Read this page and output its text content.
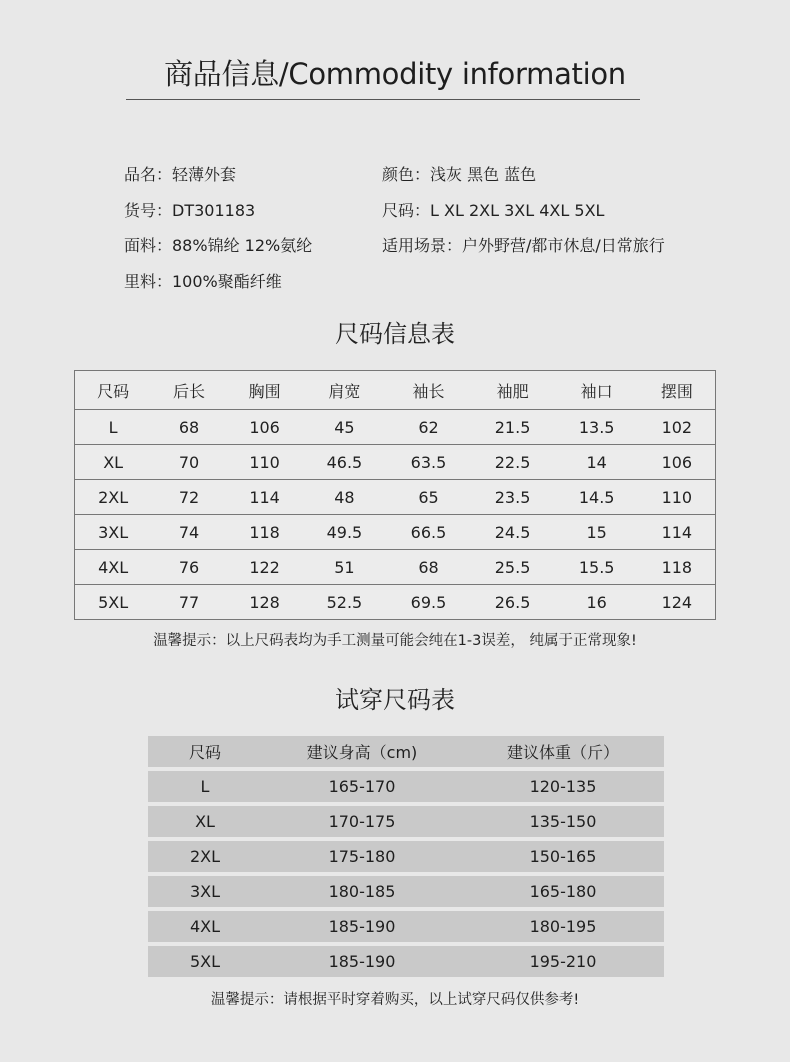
商品信息/Commodity information
品名：轻薄外套
货号：DT301183
面料：88%锦纶 12%氨纶
里料：100%聚酯纤维
颜色：浅灰 黑色 蓝色
尺码：L XL 2XL 3XL 4XL 5XL
适用场景：户外野营/都市休息/日常旅行
尺码信息表
尺码	后长	胸围	肩宽	袖长	袖肥	袖口	摆围
L	68	106	45	62	21.5	13.5	102
XL	70	110	46.5	63.5	22.5	14	106
2XL	72	114	48	65	23.5	14.5	110
3XL	74	118	49.5	66.5	24.5	15	114
4XL	76	122	51	68	25.5	15.5	118
5XL	77	128	52.5	69.5	26.5	16	124
温馨提示：以上尺码表均为手工测量可能会纯在1-3误差， 纯属于正常现象!
试穿尺码表
尺码	建议身高（cm)	建议体重（斤）
L	165-170	120-135
XL	170-175	135-150
2XL	175-180	150-165
3XL	180-185	165-180
4XL	185-190	180-195
5XL	185-190	195-210
温馨提示：请根据平时穿着购买，以上试穿尺码仅供参考!
